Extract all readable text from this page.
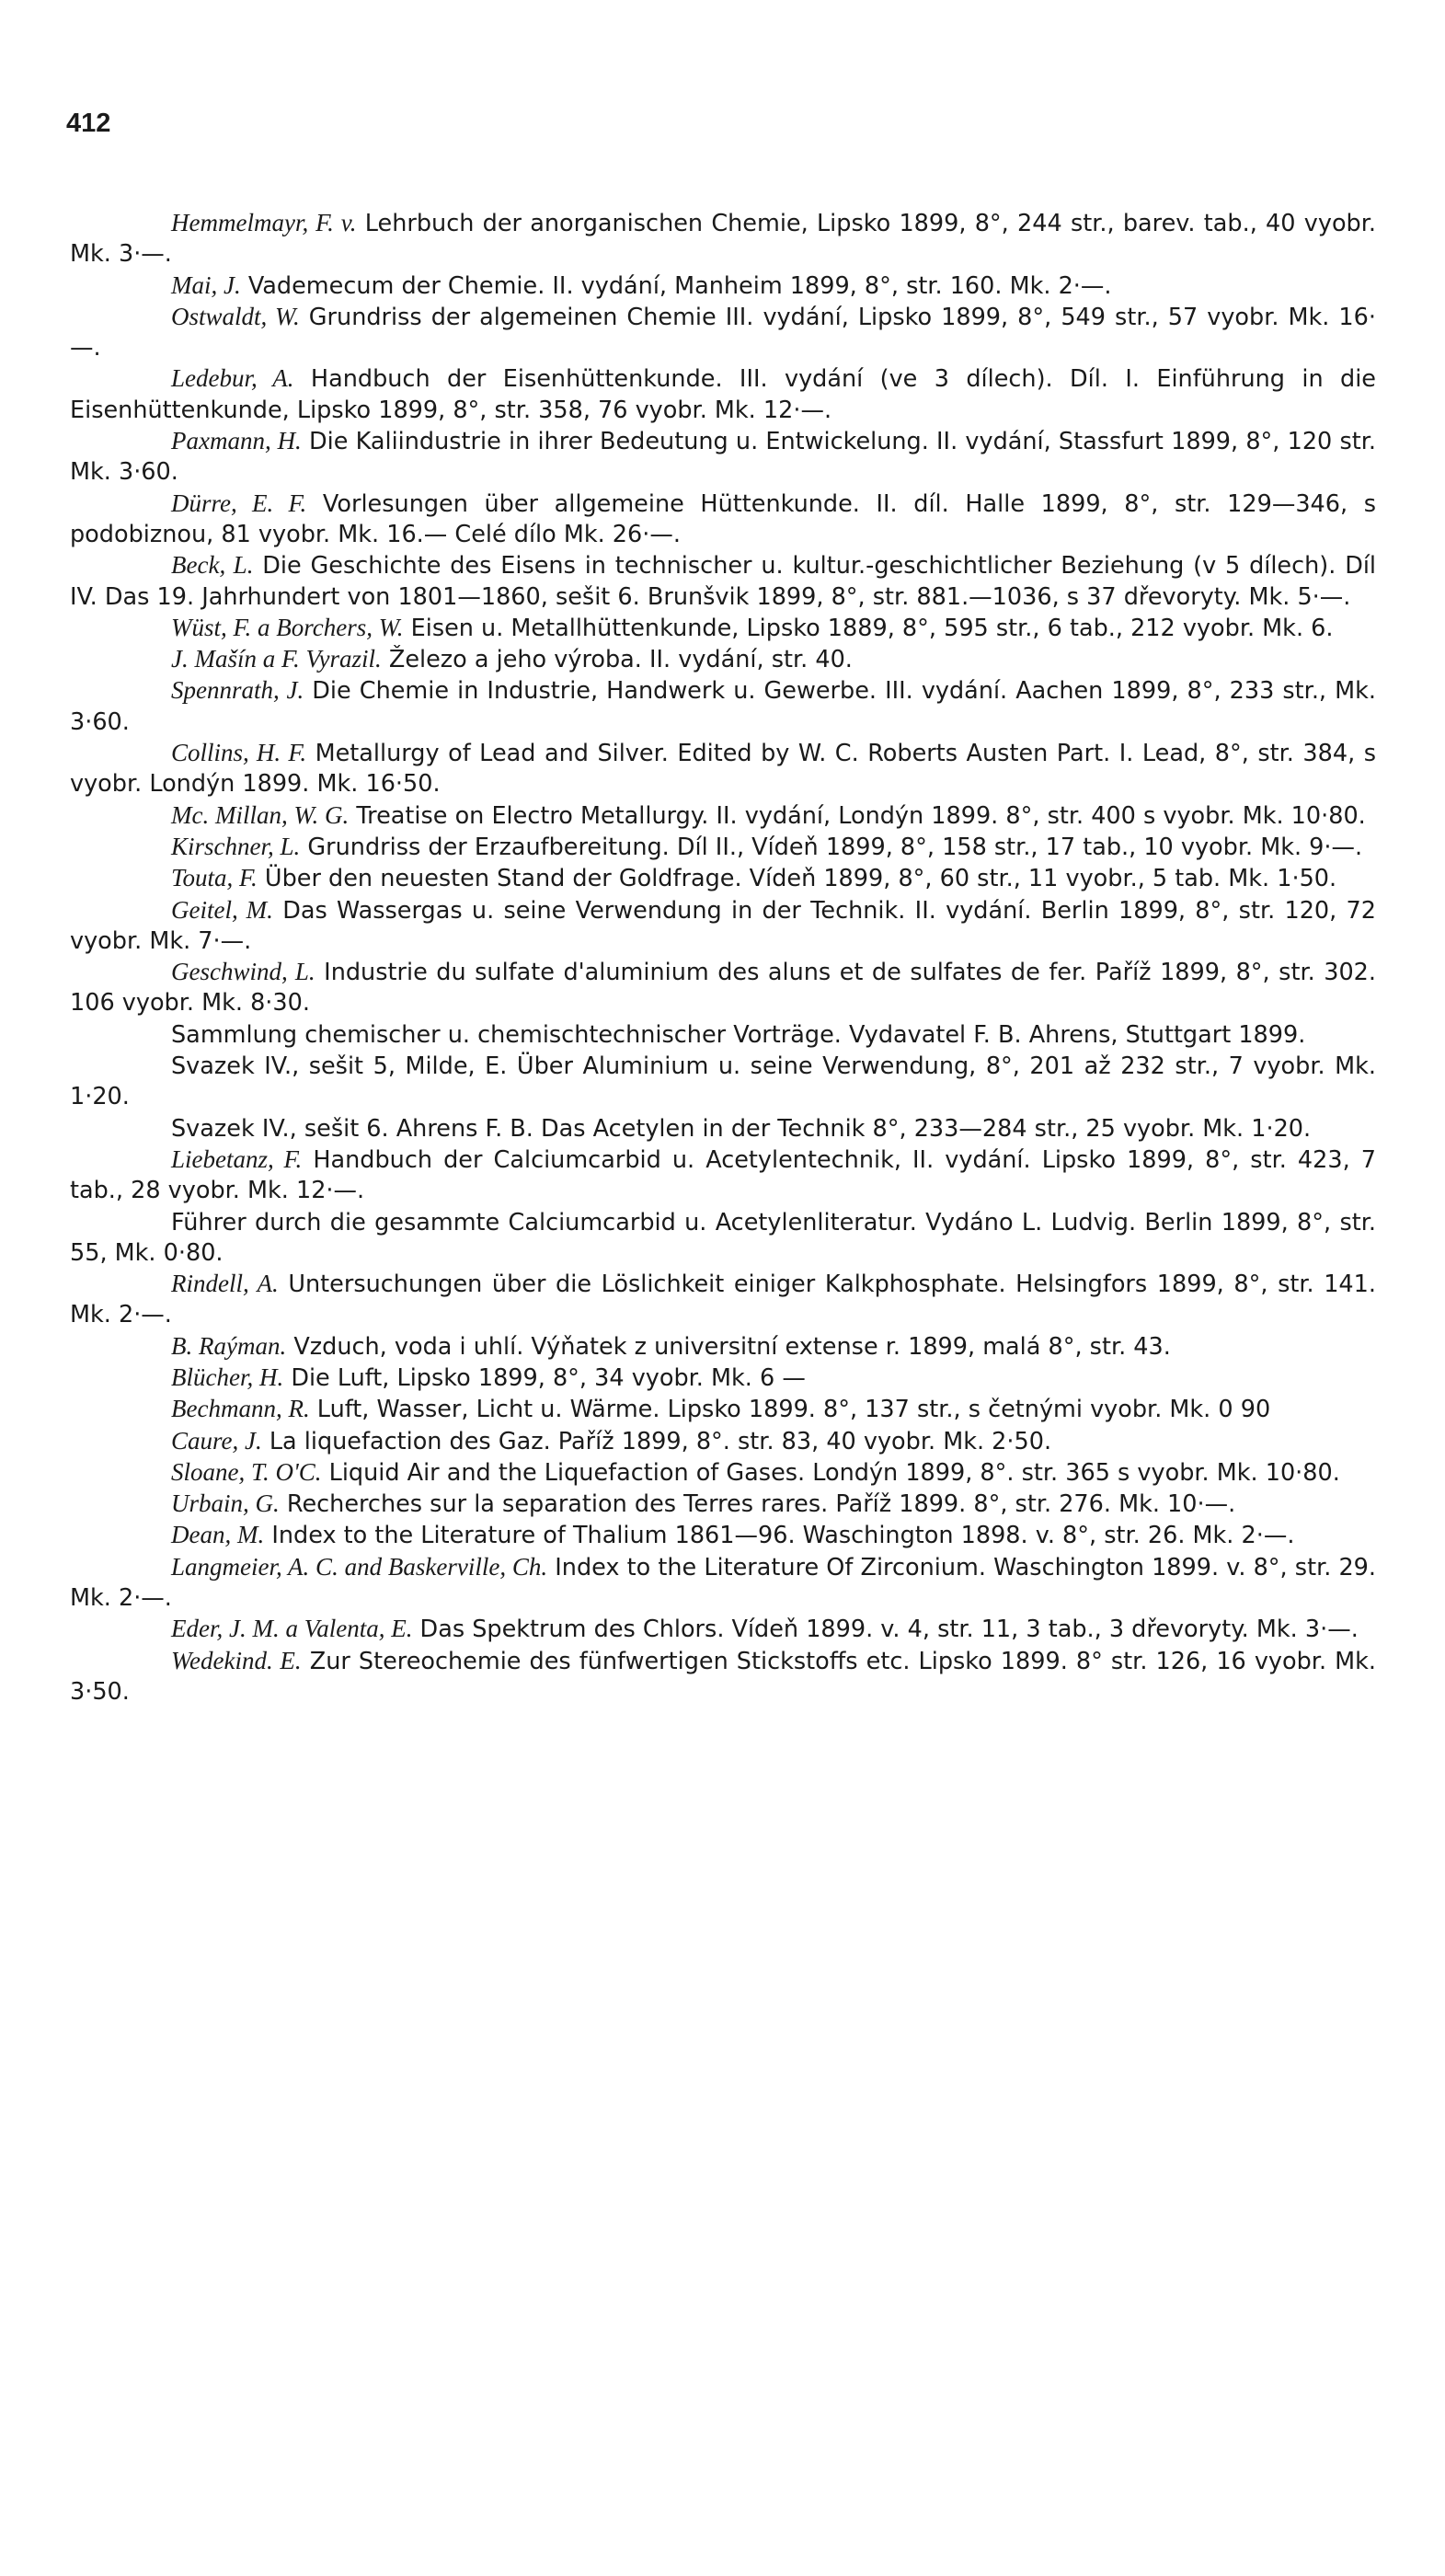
412

Hemmelmayr, F. v. Lehrbuch der anorganischen Chemie, Lipsko 1899, 8°, 244 str., barev. tab., 40 vyobr. Mk. 3·—.

Mai, J. Vademecum der Chemie. II. vydání, Manheim 1899, 8°, str. 160. Mk. 2·—.

Ostwaldt, W. Grundriss der algemeinen Chemie III. vydání, Lipsko 1899, 8°, 549 str., 57 vyobr. Mk. 16·—.

Ledebur, A. Handbuch der Eisenhüttenkunde. III. vydání (ve 3 dílech). Díl. I. Einführung in die Eisenhüttenkunde, Lipsko 1899, 8°, str. 358, 76 vyobr. Mk. 12·—.

Paxmann, H. Die Kaliindustrie in ihrer Bedeutung u. Entwickelung. II. vydání, Stassfurt 1899, 8°, 120 str. Mk. 3·60.

Dürre, E. F. Vorlesungen über allgemeine Hüttenkunde. II. díl. Halle 1899, 8°, str. 129—346, s podobiznou, 81 vyobr. Mk. 16.— Celé dílo Mk. 26·—.

Beck, L. Die Geschichte des Eisens in technischer u. kultur.-geschichtlicher Beziehung (v 5 dílech). Díl IV. Das 19. Jahrhundert von 1801—1860, sešit 6. Brunšvik 1899, 8°, str. 881.—1036, s 37 dřevoryty. Mk. 5·—.

Wüst, F. a Borchers, W. Eisen u. Metallhüttenkunde, Lipsko 1889, 8°, 595 str., 6 tab., 212 vyobr. Mk. 6.

J. Mašín a F. Vyrazil. Železo a jeho výroba. II. vydání, str. 40.

Spennrath, J. Die Chemie in Industrie, Handwerk u. Gewerbe. III. vydání. Aachen 1899, 8°, 233 str., Mk. 3·60.

Collins, H. F. Metallurgy of Lead and Silver. Edited by W. C. Roberts Austen Part. I. Lead, 8°, str. 384, s vyobr. Londýn 1899. Mk. 16·50.

Mc. Millan, W. G. Treatise on Electro Metallurgy. II. vydání, Londýn 1899. 8°, str. 400 s vyobr. Mk. 10·80.

Kirschner, L. Grundriss der Erzaufbereitung. Díl II., Vídeň 1899, 8°, 158 str., 17 tab., 10 vyobr. Mk. 9·—.

Touta, F. Über den neuesten Stand der Goldfrage. Vídeň 1899, 8°, 60 str., 11 vyobr., 5 tab. Mk. 1·50.

Geitel, M. Das Wassergas u. seine Verwendung in der Technik. II. vydání. Berlin 1899, 8°, str. 120, 72 vyobr. Mk. 7·—.

Geschwind, L. Industrie du sulfate d'aluminium des aluns et de sulfates de fer. Paříž 1899, 8°, str. 302. 106 vyobr. Mk. 8·30.

Sammlung chemischer u. chemischtechnischer Vorträge. Vydavatel F. B. Ahrens, Stuttgart 1899.

Svazek IV., sešit 5, Milde, E. Über Aluminium u. seine Verwendung, 8°, 201 až 232 str., 7 vyobr. Mk. 1·20.

Svazek IV., sešit 6. Ahrens F. B. Das Acetylen in der Technik 8°, 233—284 str., 25 vyobr. Mk. 1·20.

Liebetanz, F. Handbuch der Calciumcarbid u. Acetylentechnik, II. vydání. Lipsko 1899, 8°, str. 423, 7 tab., 28 vyobr. Mk. 12·—.

Führer durch die gesammte Calciumcarbid u. Acetylenliteratur. Vydáno L. Ludvig. Berlin 1899, 8°, str. 55, Mk. 0·80.

Rindell, A. Untersuchungen über die Löslichkeit einiger Kalkphosphate. Helsingfors 1899, 8°, str. 141. Mk. 2·—.

B. Raýman. Vzduch, voda i uhlí. Výňatek z universitní extense r. 1899, malá 8°, str. 43.

Blücher, H. Die Luft, Lipsko 1899, 8°, 34 vyobr. Mk. 6 —

Bechmann, R. Luft, Wasser, Licht u. Wärme. Lipsko 1899. 8°, 137 str., s četnými vyobr. Mk. 0 90

Caure, J. La liquefaction des Gaz. Paříž 1899, 8°. str. 83, 40 vyobr. Mk. 2·50.

Sloane, T. O'C. Liquid Air and the Liquefaction of Gases. Londýn 1899, 8°. str. 365 s vyobr. Mk. 10·80.

Urbain, G. Recherches sur la separation des Terres rares. Paříž 1899. 8°, str. 276. Mk. 10·—.

Dean, M. Index to the Literature of Thalium 1861—96. Waschington 1898. v. 8°, str. 26. Mk. 2·—.

Langmeier, A. C. and Baskerville, Ch. Index to the Literature Of Zirconium. Waschington 1899. v. 8°, str. 29. Mk. 2·—.

Eder, J. M. a Valenta, E. Das Spektrum des Chlors. Vídeň 1899. v. 4, str. 11, 3 tab., 3 dřevoryty. Mk. 3·—.

Wedekind. E. Zur Stereochemie des fünfwertigen Stickstoffs etc. Lipsko 1899. 8° str. 126, 16 vyobr. Mk. 3·50.
